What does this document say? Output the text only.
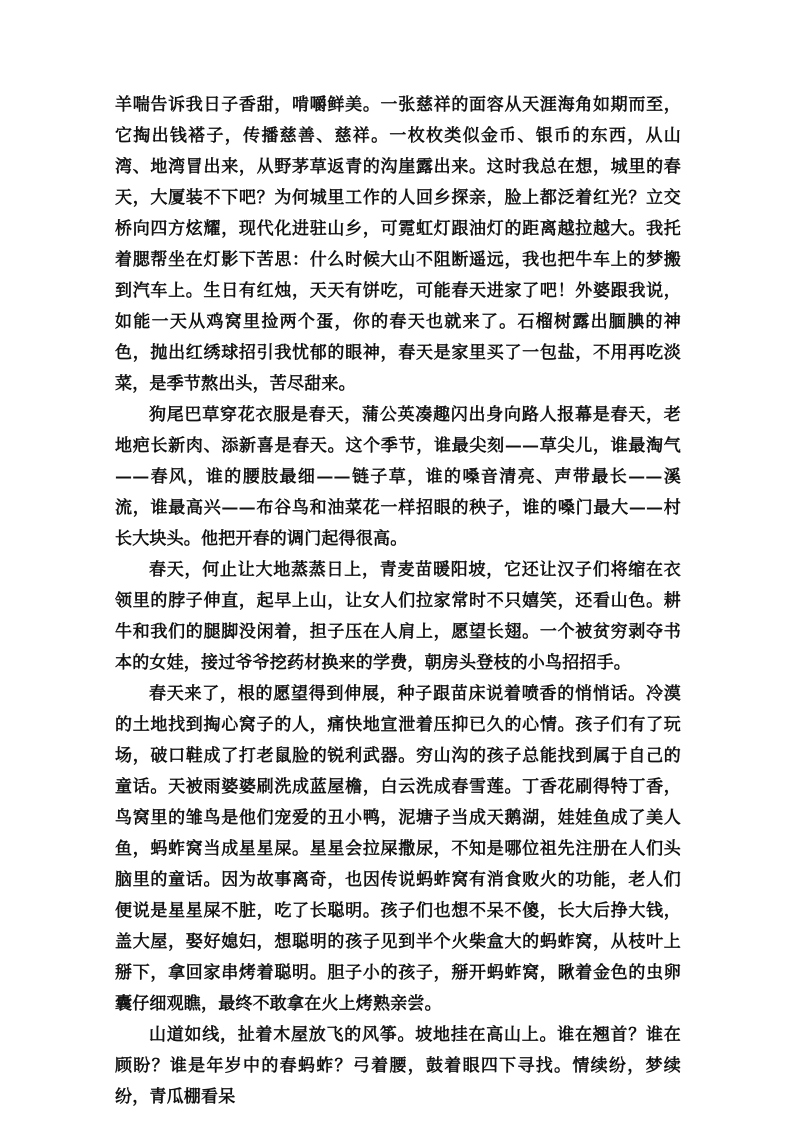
羊喘告诉我日子香甜，啃嚼鲜美。一张慈祥的面容从天涯海角如期而至，它掏出钱褡子，传播慈善、慈祥。一枚枚类似金币、银币的东西，从山湾、地湾冒出来，从野茅草返青的沟崖露出来。这时我总在想，城里的春天，大厦装不下吧？为何城里工作的人回乡探亲，脸上都泛着红光？立交桥向四方炫耀，现代化进驻山乡，可霓虹灯跟油灯的距离越拉越大。我托着腮帮坐在灯影下苦思：什么时候大山不阻断遥远，我也把牛车上的梦搬到汽车上。生日有红烛，天天有饼吃，可能春天进家了吧！外婆跟我说，如能一天从鸡窝里捡两个蛋，你的春天也就来了。石榴树露出腼腆的神色，抛出红绣球招引我忧郁的眼神，春天是家里买了一包盐，不用再吃淡菜，是季节熬出头，苦尽甜来。

狗尾巴草穿花衣服是春天，蒲公英凑趣闪出身向路人报幕是春天，老地疤长新肉、添新喜是春天。这个季节，谁最尖刻——草尖儿，谁最淘气——春风，谁的腰肢最细——链子草，谁的嗓音清亮、声带最长——溪流，谁最高兴——布谷鸟和油菜花一样招眼的秧子，谁的嗓门最大——村长大块头。他把开春的调门起得很高。

春天，何止让大地蒸蒸日上，青麦苗暖阳坡，它还让汉子们将缩在衣领里的脖子伸直，起早上山，让女人们拉家常时不只嬉笑，还看山色。耕牛和我们的腿脚没闲着，担子压在人肩上，愿望长翅。一个被贫穷剥夺书本的女娃，接过爷爷挖药材换来的学费，朝房头登枝的小鸟招招手。

春天来了，根的愿望得到伸展，种子跟苗床说着喷香的悄悄话。冷漠的土地找到掏心窝子的人，痛快地宣泄着压抑已久的心情。孩子们有了玩场，破口鞋成了打老鼠脸的锐利武器。穷山沟的孩子总能找到属于自己的童话。天被雨婆婆刷洗成蓝屋檐，白云洗成春雪莲。丁香花刷得特丁香，鸟窝里的雏鸟是他们宠爱的丑小鸭，泥塘子当成天鹅湖，娃娃鱼成了美人鱼，蚂蚱窝当成星星屎。星星会拉屎撒尿，不知是哪位祖先注册在人们头脑里的童话。因为故事离奇，也因传说蚂蚱窝有消食败火的功能，老人们便说是星星屎不脏，吃了长聪明。孩子们也想不呆不傻，长大后挣大钱，盖大屋，娶好媳妇，想聪明的孩子见到半个火柴盒大的蚂蚱窝，从枝叶上掰下，拿回家串烤着聪明。胆子小的孩子，掰开蚂蚱窝，瞅着金色的虫卵囊仔细观瞧，最终不敢拿在火上烤熟亲尝。

山道如线，扯着木屋放飞的风筝。坡地挂在高山上。谁在翘首？谁在顾盼？谁是年岁中的春蚂蚱？弓着腰，鼓着眼四下寻找。情续纷，梦续纷，青瓜棚看呆
